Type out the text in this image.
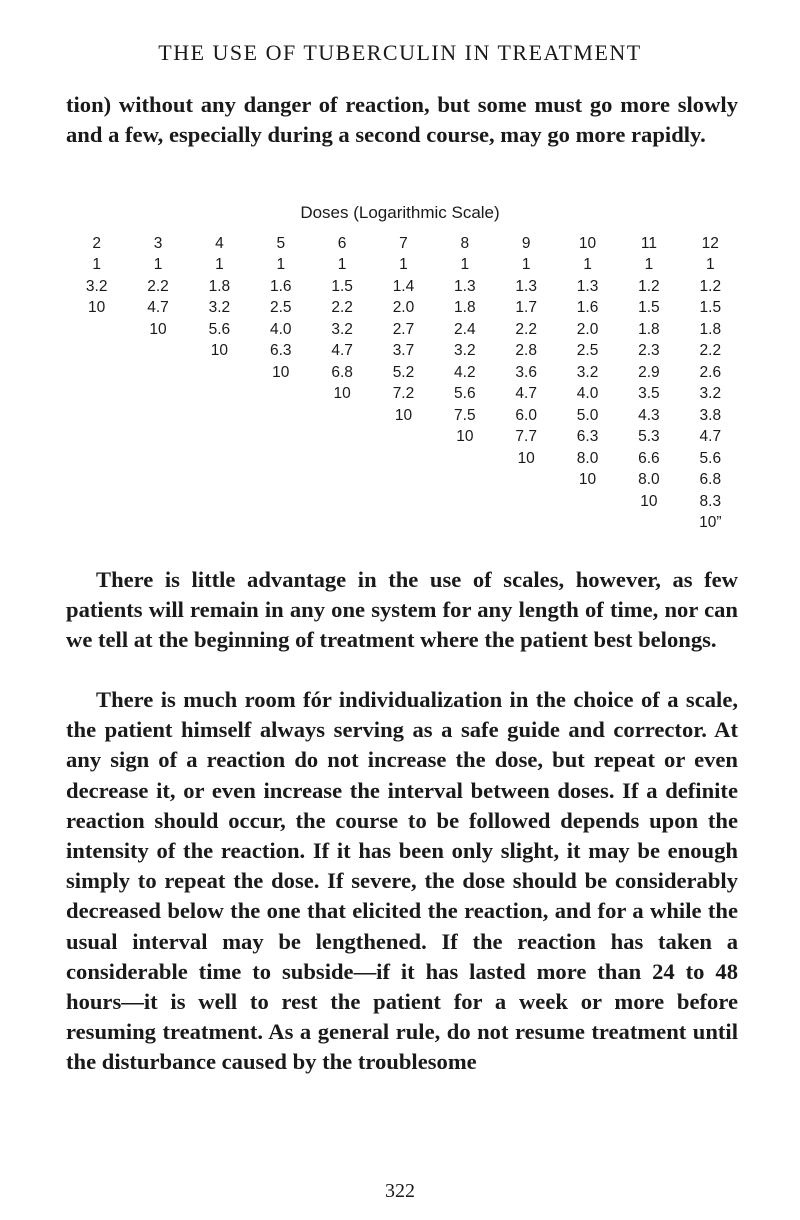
THE USE OF TUBERCULIN IN TREATMENT
tion) without any danger of reaction, but some must go more slowly and a few, especially during a second course, may go more rapidly.
Doses (Logarithmic Scale)
2	3	4	5	6	7	8	9	10	11	12
1	1	1	1	1	1	1	1	1	1	1
3.2	2.2	1.8	1.6	1.5	1.4	1.3	1.3	1.3	1.2	1.2
10	4.7	3.2	2.5	2.2	2.0	1.8	1.7	1.6	1.5	1.5
	10	5.6	4.0	3.2	2.7	2.4	2.2	2.0	1.8	1.8
		10	6.3	4.7	3.7	3.2	2.8	2.5	2.3	2.2
			10	6.8	5.2	4.2	3.6	3.2	2.9	2.6
				10	7.2	5.6	4.7	4.0	3.5	3.2
					10	7.5	6.0	5.0	4.3	3.8
						10	7.7	6.3	5.3	4.7
							10	8.0	6.6	5.6
								10	8.0	6.8
									10	8.3
										10”
There is little advantage in the use of scales, however, as few patients will remain in any one system for any length of time, nor can we tell at the beginning of treatment where the patient best belongs.
There is much room fór individualization in the choice of a scale, the patient himself always serving as a safe guide and corrector. At any sign of a reaction do not increase the dose, but repeat or even decrease it, or even increase the interval between doses. If a definite reaction should occur, the course to be followed depends upon the intensity of the reaction. If it has been only slight, it may be enough simply to repeat the dose. If severe, the dose should be considerably decreased below the one that elicited the reaction, and for a while the usual interval may be lengthened. If the reaction has taken a considerable time to subside—if it has lasted more than 24 to 48 hours—it is well to rest the patient for a week or more before resuming treatment. As a general rule, do not resume treatment until the disturbance caused by the troublesome
322
